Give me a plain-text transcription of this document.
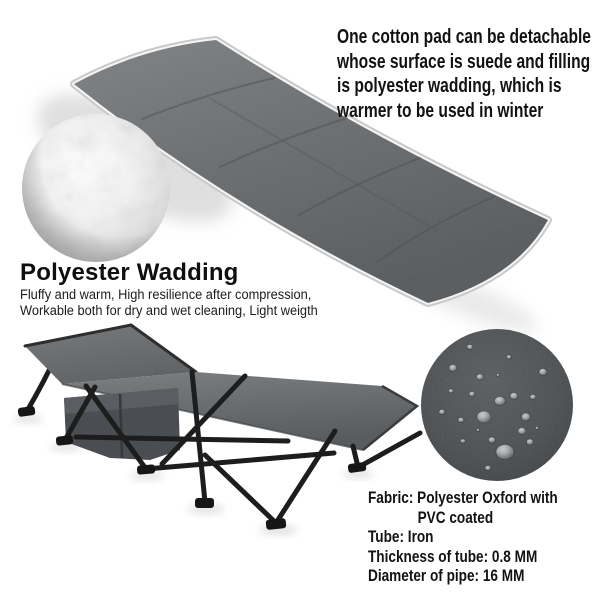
One cotton pad can be detachable
whose surface is suede and filling
is polyester wadding, which is
warmer to be used in winter
Polyester Wadding
Fluffy and warm, High resilience after compression,
Workable both for dry and wet cleaning, Light weigth
Fabric: Polyester Oxford with
PVC coated
Tube: Iron
Thickness of tube: 0.8 MM
Diameter of pipe: 16 MM
